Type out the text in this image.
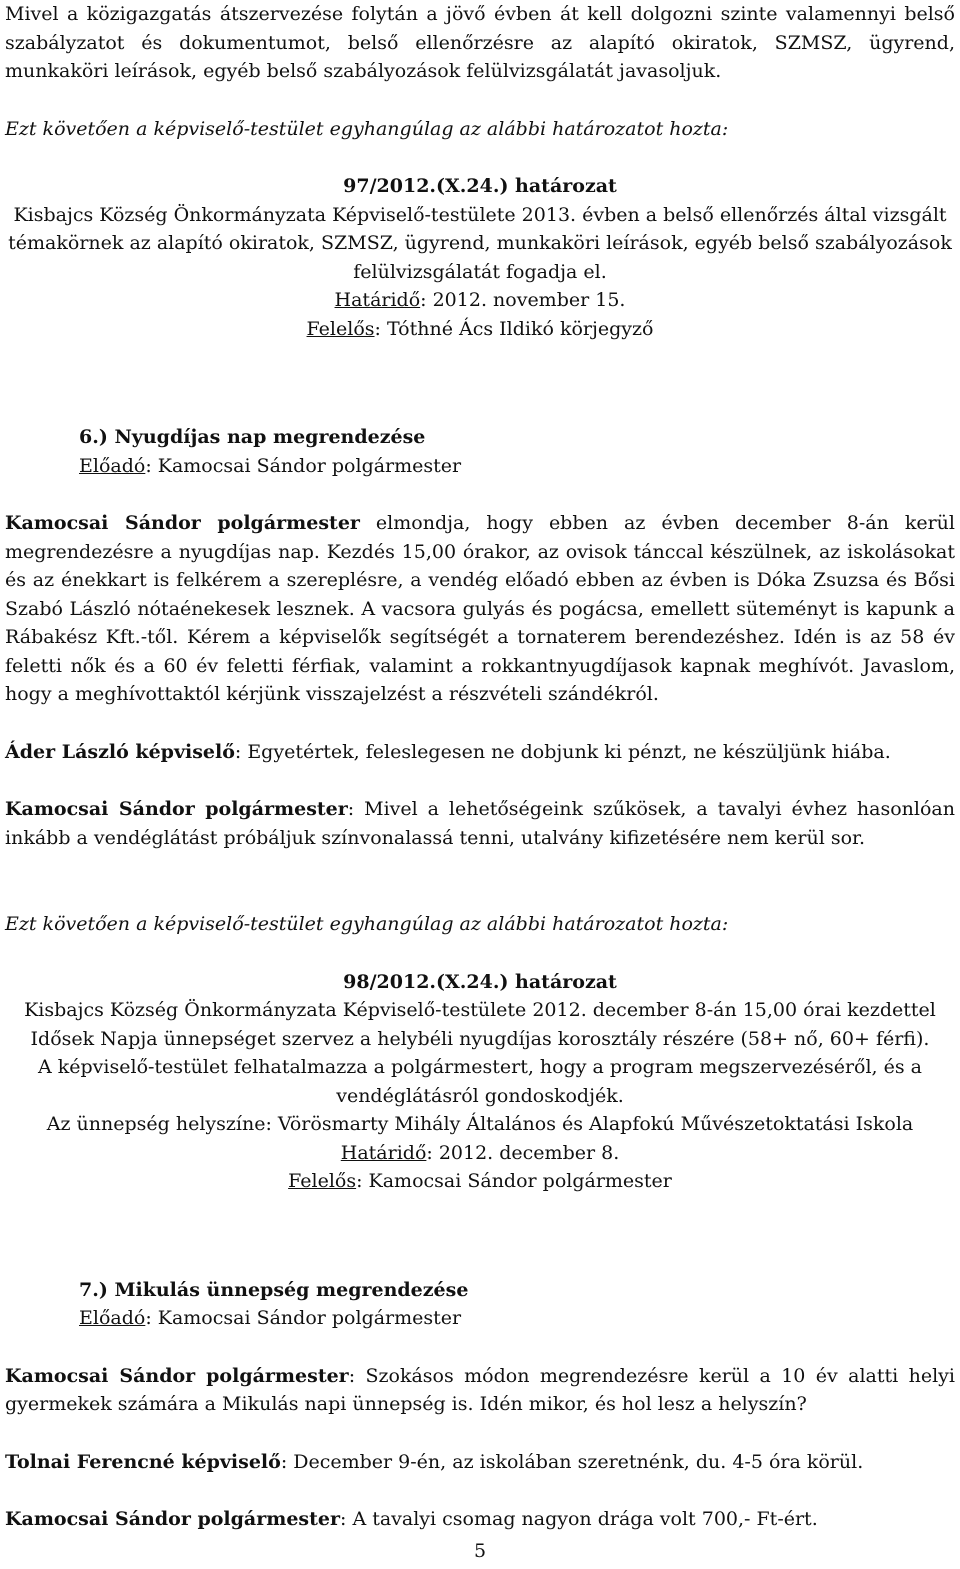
Mivel a közigazgatás átszervezése folytán a jövő évben át kell dolgozni szinte valamennyi belső szabályzatot és dokumentumot, belső ellenőrzésre az alapító okiratok, SZMSZ, ügyrend, munkaköri leírások, egyéb belső szabályozások felülvizsgálatát javasoljuk.

Ezt követően a képviselő-testület egyhangúlag az alábbi határozatot hozta:

97/2012.(X.24.) határozat
Kisbajcs Község Önkormányzata Képviselő-testülete 2013. évben a belső ellenőrzés által vizsgált témakörnek az alapító okiratok, SZMSZ, ügyrend, munkaköri leírások, egyéb belső szabályozások felülvizsgálatát fogadja el.
Határidő: 2012. november 15.
Felelős: Tóthné Ács Ildikó körjegyző
6.) Nyugdíjas nap megrendezése
Előadó: Kamocsai Sándor polgármester

Kamocsai Sándor polgármester elmondja, hogy ebben az évben december 8-án kerül megrendezésre a nyugdíjas nap. Kezdés 15,00 órakor, az ovisok tánccal készülnek, az iskolásokat és az énekkart is felkérem a szereplésre, a vendég előadó ebben az évben is Dóka Zsuzsa és Bősi Szabó László nótaénekesek lesznek. A vacsora gulyás és pogácsa, emellett süteményt is kapunk a Rábakész Kft.-től. Kérem a képviselők segítségét a tornaterem berendezéshez. Idén is az 58 év feletti nők és a 60 év feletti férfiak, valamint a rokkantnyugdíjasok kapnak meghívót. Javaslom, hogy a meghívottaktól kérjünk visszajelzést a részvételi szándékról.

Áder László képviselő: Egyetértek, feleslegesen ne dobjunk ki pénzt, ne készüljünk hiába.

Kamocsai Sándor polgármester: Mivel a lehetőségeink szűkösek, a tavalyi évhez hasonlóan inkább a vendéglátást próbáljuk színvonalassá tenni, utalvány kifizetésére nem kerül sor.

Ezt követően a képviselő-testület egyhangúlag az alábbi határozatot hozta:

98/2012.(X.24.) határozat
Kisbajcs Község Önkormányzata Képviselő-testülete 2012. december 8-án 15,00 órai kezdettel
Idősek Napja ünnepséget szervez a helybéli nyugdíjas korosztály részére (58+ nő, 60+ férfi).
A képviselő-testület felhatalmazza a polgármestert, hogy a program megszervezéséről, és a vendéglátásról gondoskodjék.
Az ünnepség helyszíne: Vörösmarty Mihály Általános és Alapfokú Művészetoktatási Iskola
Határidő: 2012. december 8.
Felelős: Kamocsai Sándor polgármester
7.) Mikulás ünnepség megrendezése
Előadó: Kamocsai Sándor polgármester

Kamocsai Sándor polgármester: Szokásos módon megrendezésre kerül a 10 év alatti helyi gyermekek számára a Mikulás napi ünnepség is. Idén mikor, és hol lesz a helyszín?

Tolnai Ferencné képviselő: December 9-én, az iskolában szeretnénk, du. 4-5 óra körül.

Kamocsai Sándor polgármester: A tavalyi csomag nagyon drága volt 700,- Ft-ért.

5
